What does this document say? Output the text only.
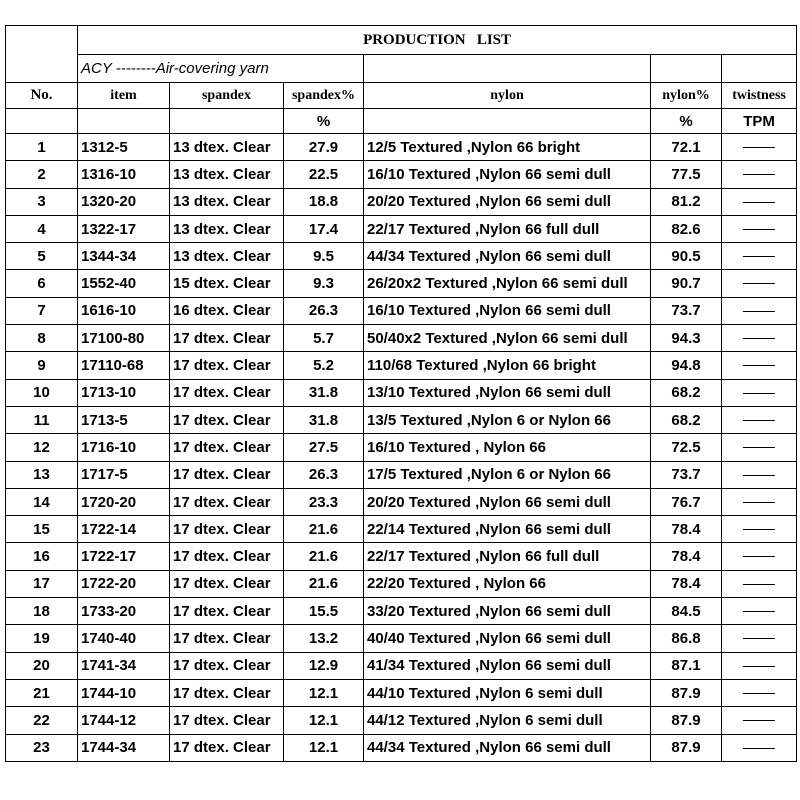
	PRODUCTION   LIST					
	ACY --------Air-covering yarn					
No.	item	spandex	spandex%	nylon	nylon%	twistness
			%		%	TPM
1	1312-5	13 dtex. Clear	27.9	12/5 Textured ,Nylon 66 bright	72.1	
2	1316-10	13 dtex. Clear	22.5	16/10 Textured ,Nylon 66 semi dull	77.5	
3	1320-20	13 dtex. Clear	18.8	20/20 Textured ,Nylon 66 semi dull	81.2	
4	1322-17	13 dtex. Clear	17.4	22/17 Textured ,Nylon 66 full dull	82.6	
5	1344-34	13 dtex. Clear	9.5	44/34 Textured ,Nylon 66 semi dull	90.5	
6	1552-40	15 dtex. Clear	9.3	26/20x2 Textured ,Nylon 66 semi dull	90.7	
7	1616-10	16 dtex. Clear	26.3	16/10 Textured ,Nylon 66 semi dull	73.7	
8	17100-80	17 dtex. Clear	5.7	50/40x2 Textured ,Nylon 66 semi dull	94.3	
9	17110-68	17 dtex. Clear	5.2	110/68 Textured ,Nylon 66 bright	94.8	
10	1713-10	17 dtex. Clear	31.8	13/10 Textured ,Nylon 66 semi dull	68.2	
11	1713-5	17 dtex. Clear	31.8	13/5 Textured ,Nylon 6 or Nylon 66	68.2	
12	1716-10	17 dtex. Clear	27.5	16/10 Textured , Nylon 66	72.5	
13	1717-5	17 dtex. Clear	26.3	17/5 Textured ,Nylon 6 or Nylon 66	73.7	
14	1720-20	17 dtex. Clear	23.3	20/20 Textured ,Nylon 66 semi dull	76.7	
15	1722-14	17 dtex. Clear	21.6	22/14 Textured ,Nylon 66 semi dull	78.4	
16	1722-17	17 dtex. Clear	21.6	22/17 Textured ,Nylon 66 full dull	78.4	
17	1722-20	17 dtex. Clear	21.6	22/20 Textured , Nylon 66	78.4	
18	1733-20	17 dtex. Clear	15.5	33/20 Textured ,Nylon 66 semi dull	84.5	
19	1740-40	17 dtex. Clear	13.2	40/40 Textured ,Nylon 66 semi dull	86.8	
20	1741-34	17 dtex. Clear	12.9	41/34 Textured ,Nylon 66 semi dull	87.1	
21	1744-10	17 dtex. Clear	12.1	44/10 Textured ,Nylon 6 semi dull	87.9	
22	1744-12	17 dtex. Clear	12.1	44/12 Textured ,Nylon 6 semi dull	87.9	
23	1744-34	17 dtex. Clear	12.1	44/34 Textured ,Nylon 66 semi dull	87.9	
